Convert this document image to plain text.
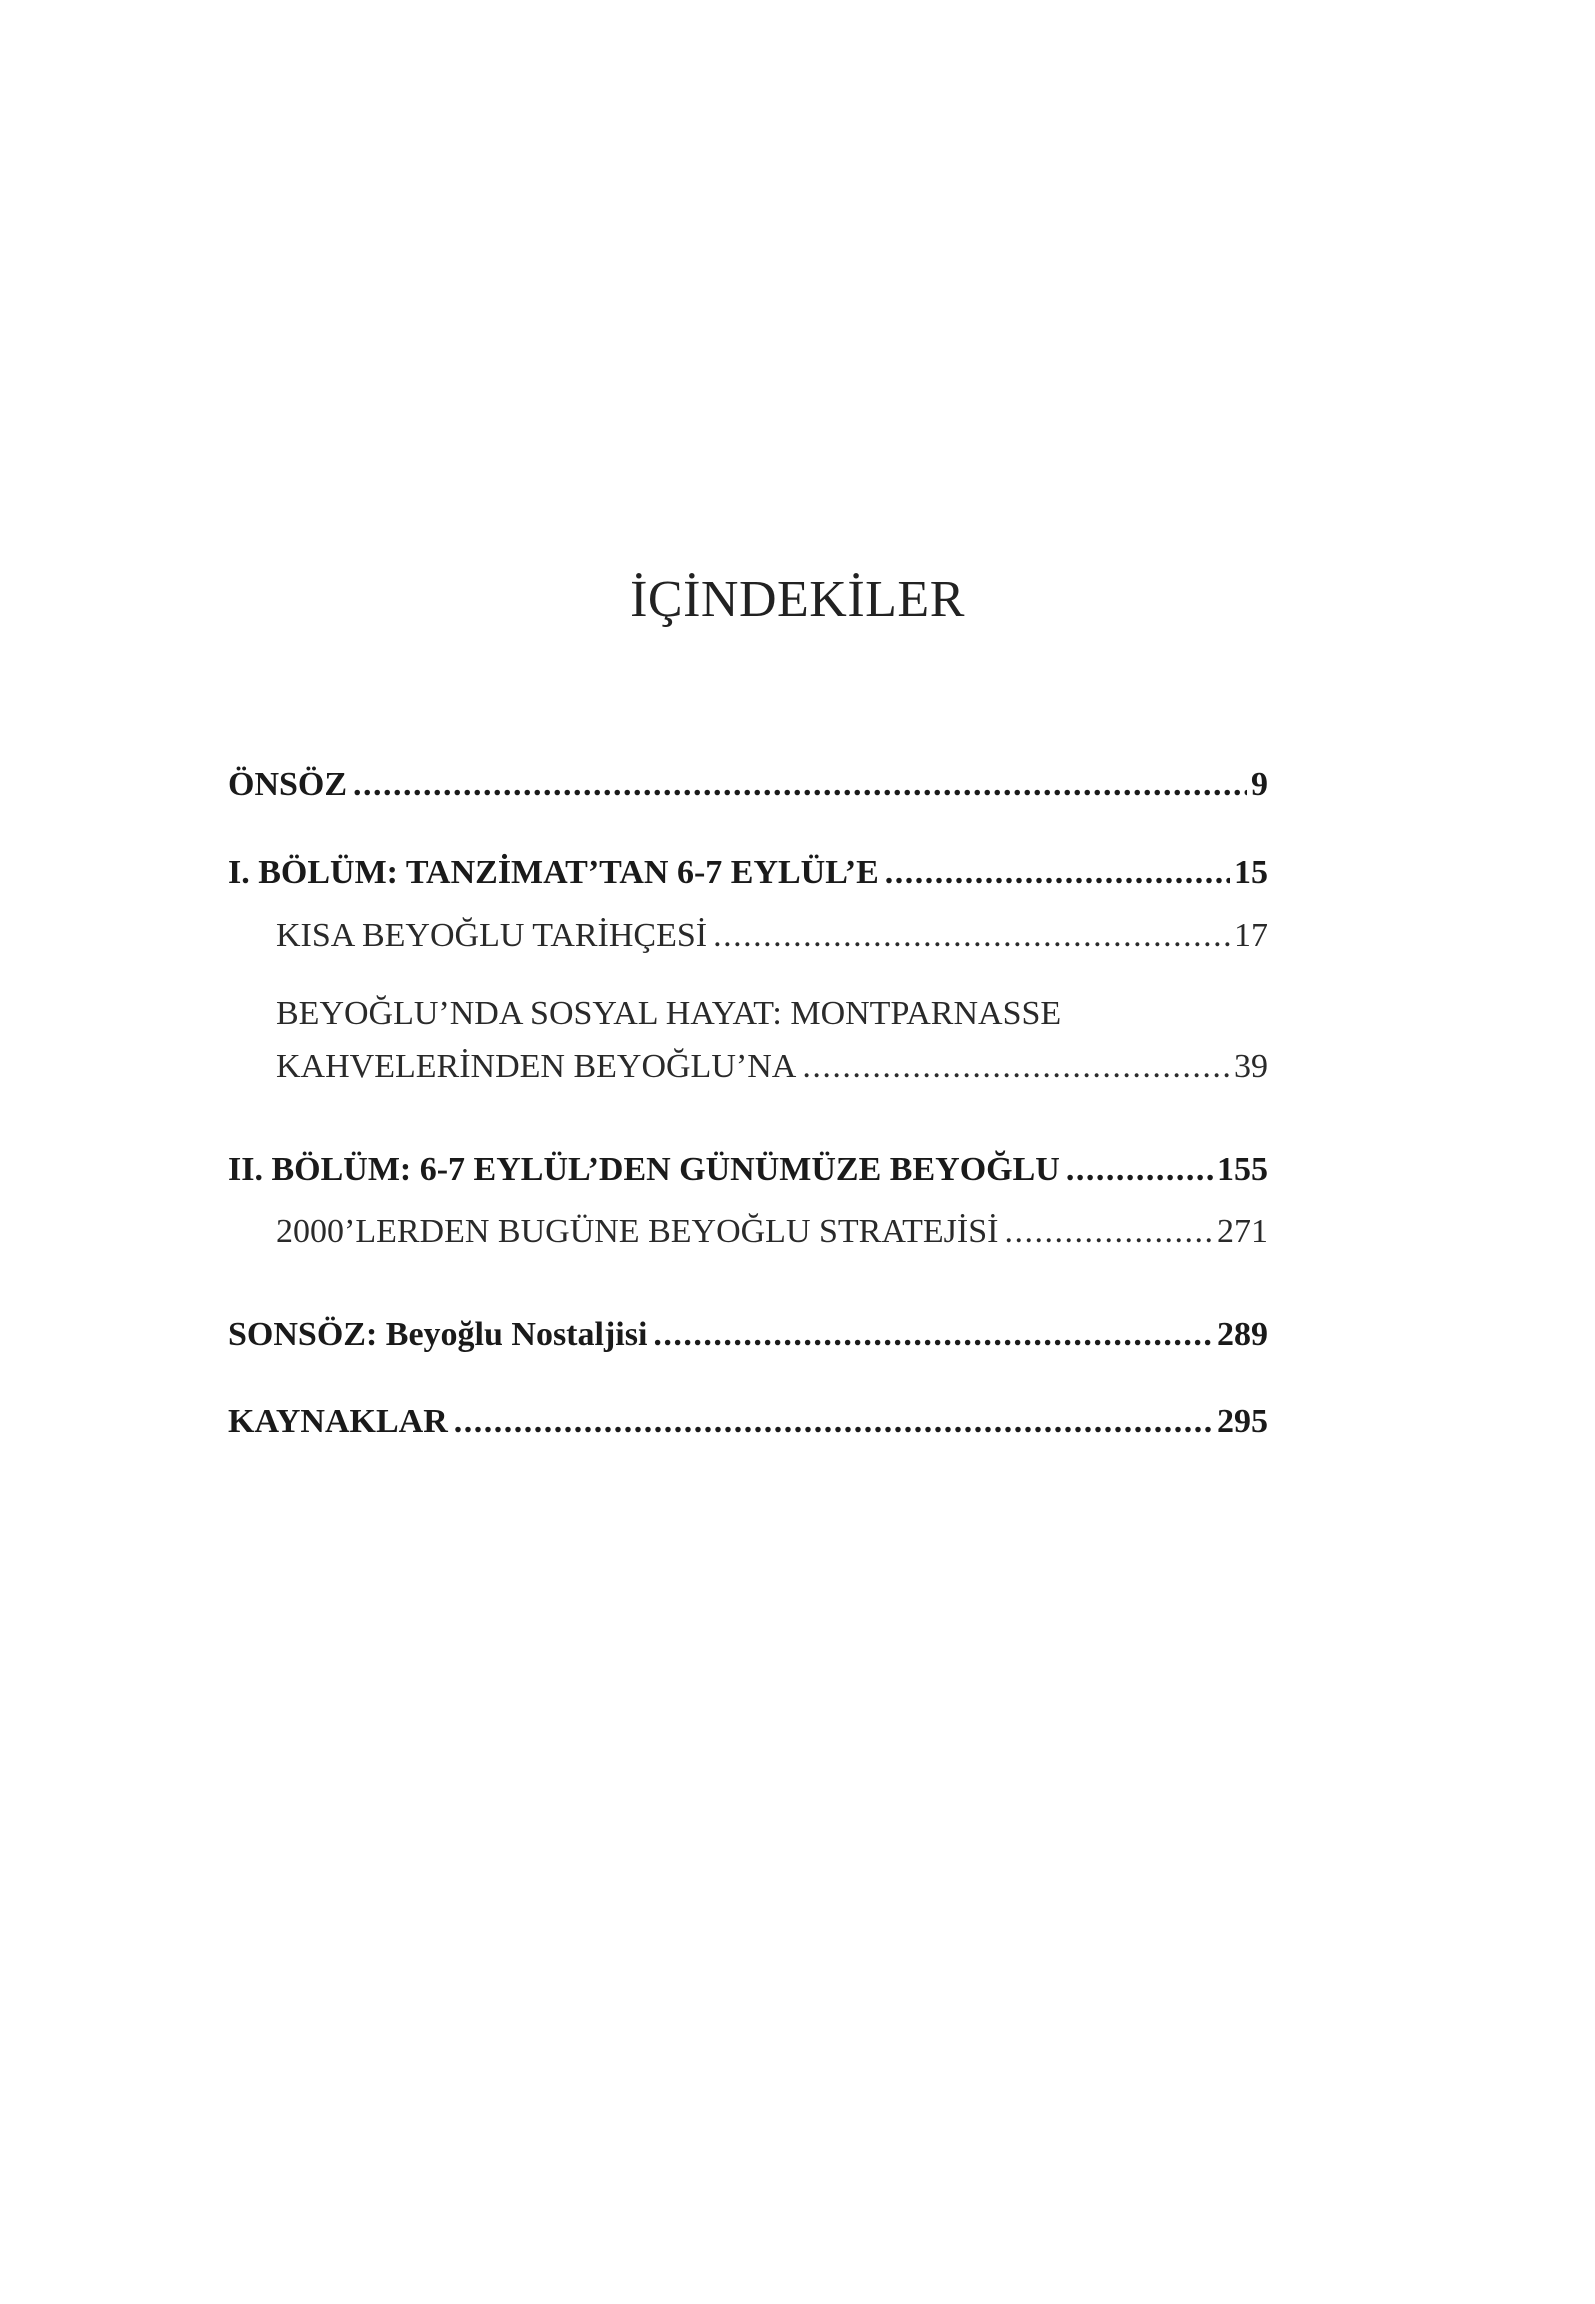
İÇİNDEKİLER
ÖNSÖZ .....	9
I. BÖLÜM: TANZİMAT’TAN 6-7 EYLÜL’E .....	15
KISA BEYOĞLU TARİHÇESİ .....	17
BEYOĞLU’NDA SOSYAL HAYAT: MONTPARNASSE
KAHVELERİNDEN BEYOĞLU’NA .....	39
II. BÖLÜM: 6-7 EYLÜL’DEN GÜNÜMÜZE BEYOĞLU .....	155
2000’LERDEN BUGÜNE BEYOĞLU STRATEJİSİ .....	271
SONSÖZ: Beyoğlu Nostaljisi .....	289
KAYNAKLAR .....	295
